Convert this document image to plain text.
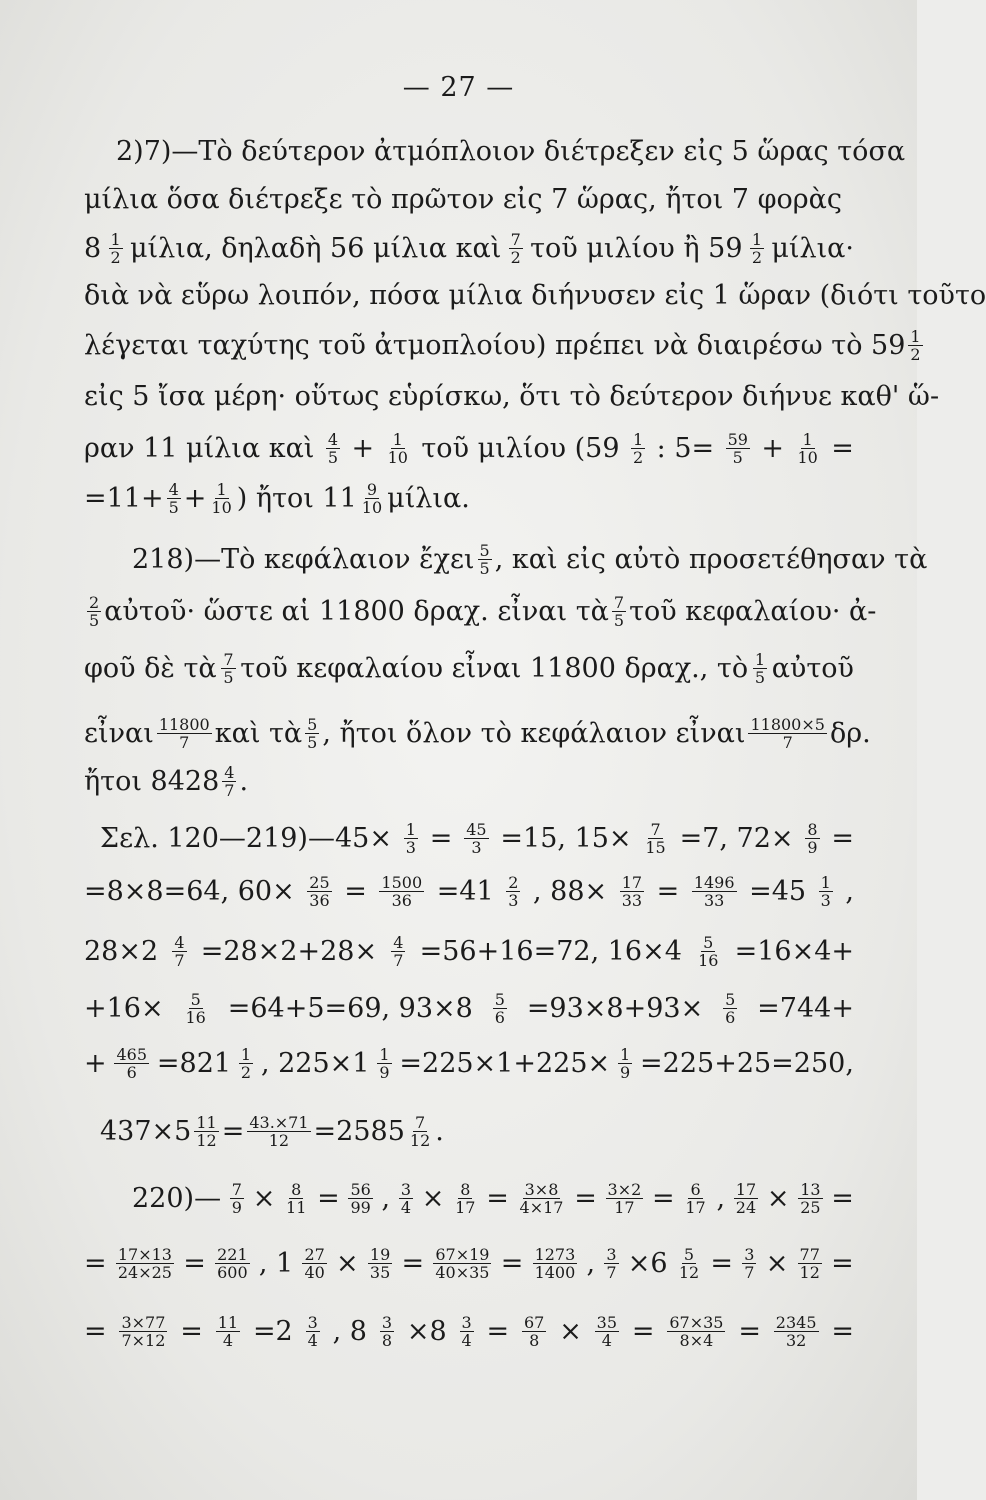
— 27 —
2)7)—Τὸ δεύτερον ἀτμόπλοιον διέτρεξεν εἰς 5 ὥρας τόσα
μίλια ὅσα διέτρεξε τὸ πρῶτον εἰς 7 ὥρας, ἤτοι 7 φορὰς
$8 \frac{1}{2} \mu ί\lambda\iota\alpha$, δηλαδὴ 56 μίλια καὶ $\frac{7}{2}$ τοῦ μιλίου ἢ $59 \frac{1}{2} \mu ί\lambda\iota\alpha\cdot$
διὰ νὰ εὕρω λοιπόν, πόσα μίλια διήνυσεν εἰς 1 ὥραν (διότι τοῦτο
λέγεται ταχύτης τοῦ ἀτμοπλοίου) πρέπει νὰ διαιρέσω τὸ $59 \frac{1}{2}$
εἰς 5 ἴσα μέρη· οὕτως εὑρίσκω, ὅτι τὸ δεύτερον διήνυε καθ' ὥ-
ραν 11 μίλια καὶ $\frac{4}{5} + \frac{1}{10}$ τοῦ μιλίου ($59 \frac{1}{2}$ : $5= \frac{59}{5} + \frac{1}{10}$ =
$=11+ \frac{4}{5} + \frac{1}{10}$ ) ἤτοι $11 \frac{9}{10} \mu ί\lambda\iota\alpha$.
218)—Τὸ κεφάλαιον ἔχει $\frac{5}{5}$ , καὶ εἰς αὐτὸ προσετέθησαν τὰ
$\frac{2}{5}$ αὐτοῦ· ὥστε αἱ 11800 δραχ. εἶναι τὰ $\frac{7}{5}$ τοῦ κεφαλαίου· ἀ-
φοῦ δὲ τὰ $\frac{7}{5}$ τοῦ κεφαλαίου εἶναι 11800 δραχ., τὸ $\frac{1}{5}$ αὐτοῦ
εἶναι $\frac{11800}{7}$ καὶ τὰ $\frac{5}{5}$ , ἤτοι ὅλον τὸ κεφάλαιον εἶναι $\frac{11800\times 5}{7} \delta\rho$.
ἤτοι $8428 \frac{4}{7}$ .
Σελ. 120—219)—45× $\frac{1}{3} = \frac{45}{3} =15$, $15\times \frac{7}{15} =7$, $72\times \frac{8}{9}$ =
=8×8=64, $60\times \frac{25}{36} = \frac{1500}{36} =41 \frac{2}{3}$ , $88\times \frac{17}{33} = \frac{1496}{33} =45 \frac{1}{3}$ ,
$28\times 2 \frac{4}{7} =28\times 2+28\times \frac{4}{7} =56+16=72$, $16\times 4 \frac{5}{16} =16\times 4+$
$+16\times \frac{5}{16} =64+5=69$, $93\times 8 \frac{5}{6} =93\times 8+93\times \frac{5}{6} =744+$
+ $\frac{465}{6} =821 \frac{1}{2}$ , $225\times 1 \frac{1}{9} =225\times 1+225\times \frac{1}{9} =225+25=250$,
$437\times 5 \frac{11}{12} = \frac{43.\times 71}{12} =2585 \frac{7}{12}$ .
220)— $\frac{7}{9} \times \frac{8}{11} = \frac{56}{99}$ , $\frac{3}{4} \times \frac{8}{17} = \frac{3\times 8}{4\times 17} = \frac{3\times 2}{17} = \frac{6}{17}$ , $\frac{17}{24} \times \frac{13}{25}$ =
= $\frac{17\times 13}{24\times 25} = \frac{221}{600}$ , $1 \frac{27}{40} \times \frac{19}{35} = \frac{67\times 19}{40\times 35} = \frac{1273}{1400}$ , $\frac{3}{7} \times 6 \frac{5}{12} = \frac{3}{7} \times \frac{77}{12}$ =
= $\frac{3\times 77}{7\times 12} = \frac{11}{4} =2 \frac{3}{4}$ , $8 \frac{3}{8} \times 8 \frac{3}{4} = \frac{67}{8} \times \frac{35}{4} = \frac{67\times 35}{8\times 4} = \frac{2345}{32}$ =
